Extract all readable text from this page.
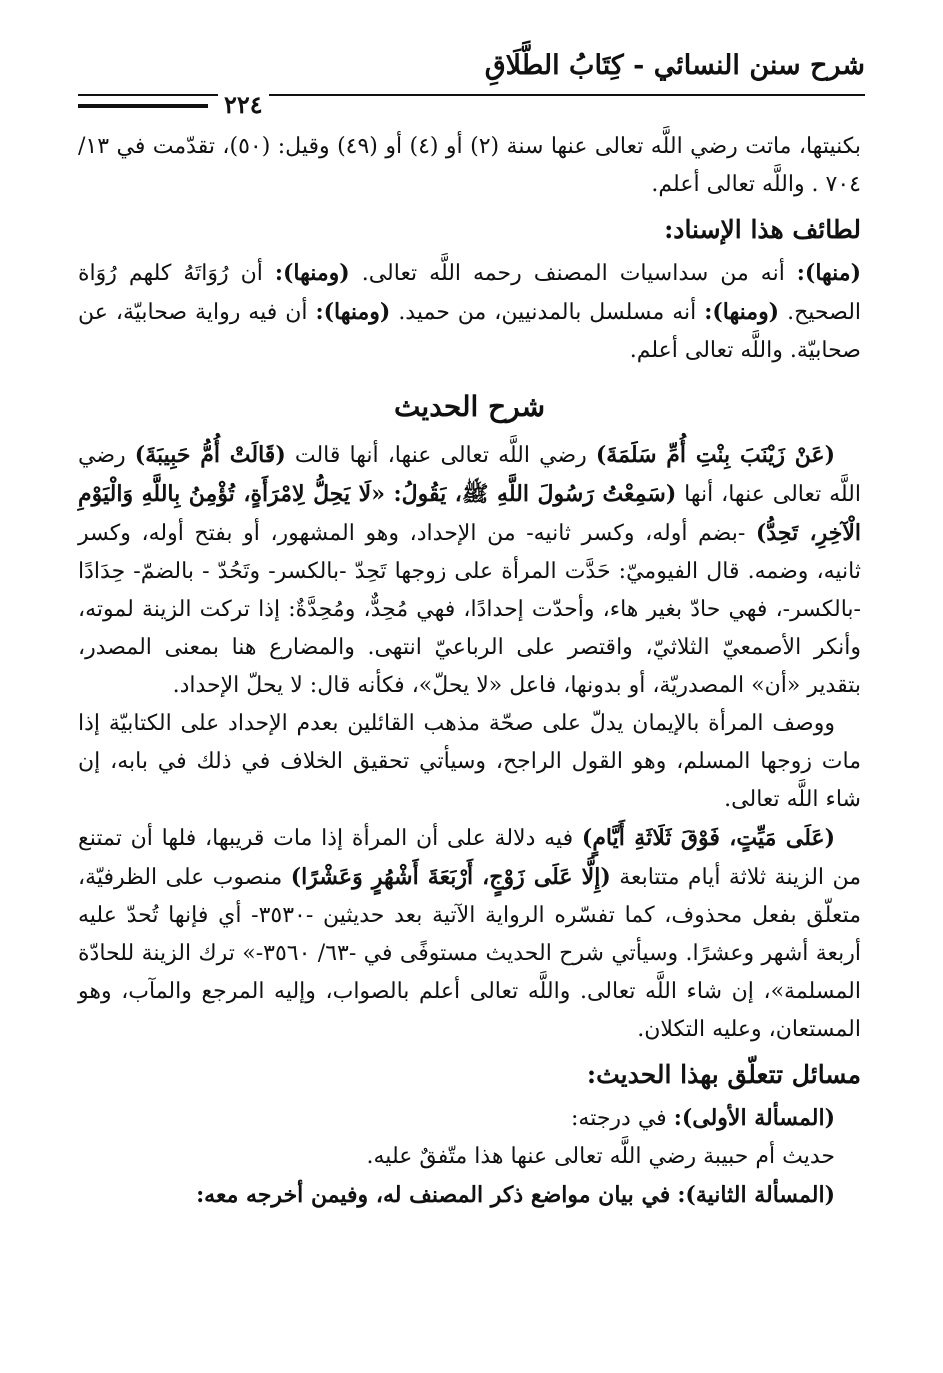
شرح سنن النسائي - كِتَابُ الطَّلَاقِ
٢٢٤

بكنيتها، ماتت رضي اللَّه تعالى عنها سنة (٢) أو (٤) أو (٤٩) وقيل: (٥٠)، تقدّمت في ١٣/ ٧٠٤ . واللَّه تعالى أعلم.

لطائف هذا الإسناد:

(منها): أنه من سداسيات المصنف رحمه اللَّه تعالى. (ومنها): أن رُوَاتَهُ كلهم رُوَاة الصحيح. (ومنها): أنه مسلسل بالمدنيين، من حميد. (ومنها): أن فيه رواية صحابيّة، عن صحابيّة. واللَّه تعالى أعلم.

شرح الحديث

(عَنْ زَيْنَبَ بِنْتِ أُمِّ سَلَمَةَ) رضي اللَّه تعالى عنها، أنها قالت (قَالَتْ أُمُّ حَبِيبَةَ) رضي اللَّه تعالى عنها، أنها (سَمِعْتُ رَسُولَ اللَّهِ ﷺ، يَقُولُ: «لَا يَحِلُّ لِامْرَأَةٍ، تُؤْمِنُ بِاللَّهِ وَالْيَوْمِ الْآخِرِ، تَحِدُّ) -بضم أوله، وكسر ثانيه- من الإحداد، وهو المشهور، أو بفتح أوله، وكسر ثانيه، وضمه. قال الفيوميّ: حَدَّت المرأة على زوجها تَحِدّ -بالكسر- وتَحُدّ - بالضمّ- حِدَادًا -بالكسر-، فهي حادّ بغير هاء، وأحدّت إحدادًا، فهي مُحِدٌّ، ومُحِدَّةٌ: إذا تركت الزينة لموته، وأنكر الأصمعيّ الثلاثيّ، واقتصر على الرباعيّ انتهى. والمضارع هنا بمعنى المصدر، بتقدير «أن» المصدريّة، أو بدونها، فاعل «لا يحلّ»، فكأنه قال: لا يحلّ الإحداد.

ووصف المرأة بالإيمان يدلّ على صحّة مذهب القائلين بعدم الإحداد على الكتابيّة إذا مات زوجها المسلم، وهو القول الراجح، وسيأتي تحقيق الخلاف في ذلك في بابه، إن شاء اللَّه تعالى.

(عَلَى مَيِّتٍ، فَوْقَ ثَلَاثَةِ أَيَّامٍ) فيه دلالة على أن المرأة إذا مات قريبها، فلها أن تمتنع من الزينة ثلاثة أيام متتابعة (إِلَّا عَلَى زَوْجٍ، أَرْبَعَةَ أَشْهُرٍ وَعَشْرًا) منصوب على الظرفيّة، متعلّق بفعل محذوف، كما تفسّره الرواية الآتية بعد حديثين -٣٥٣٠- أي فإنها تُحدّ عليه أربعة أشهر وعشرًا. وسيأتي شرح الحديث مستوفًى في -٦٣/ ٣٥٦٠-» ترك الزينة للحادّة المسلمة»، إن شاء اللَّه تعالى. واللَّه تعالى أعلم بالصواب، وإليه المرجع والمآب، وهو المستعان، وعليه التكلان.

مسائل تتعلّق بهذا الحديث:

(المسألة الأولى): في درجته:

حديث أم حبيبة رضي اللَّه تعالى عنها هذا متّفقٌ عليه.

(المسألة الثانية): في بيان مواضع ذكر المصنف له، وفيمن أخرجه معه:
